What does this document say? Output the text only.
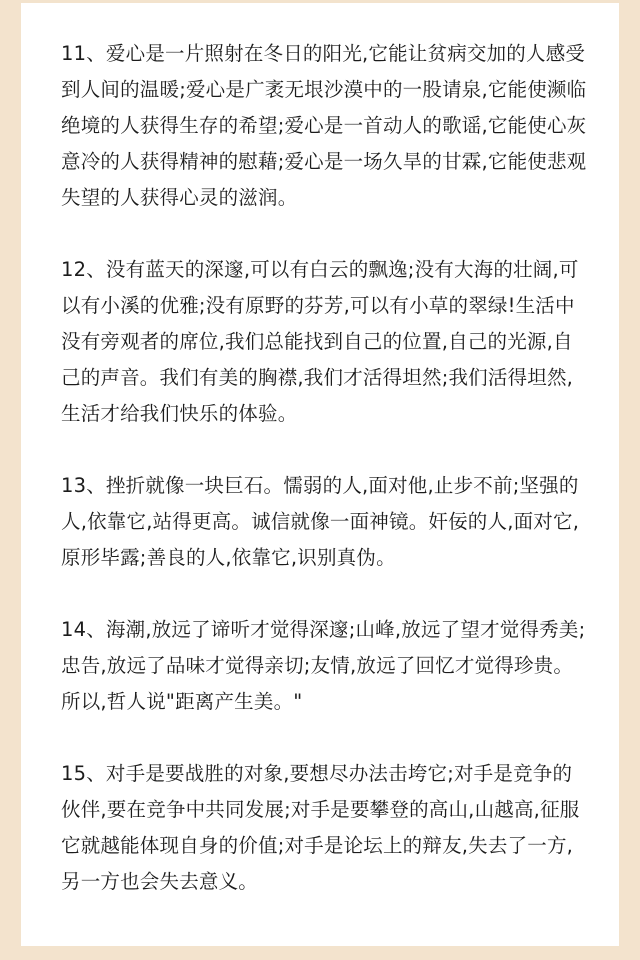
11、爱心是一片照射在冬日的阳光,它能让贫病交加的人感受到人间的温暖;爱心是广袤无垠沙漠中的一股请泉,它能使濒临绝境的人获得生存的希望;爱心是一首动人的歌谣,它能使心灰意冷的人获得精神的慰藉;爱心是一场久旱的甘霖,它能使悲观失望的人获得心灵的滋润。

12、没有蓝天的深邃,可以有白云的飘逸;没有大海的壮阔,可以有小溪的优雅;没有原野的芬芳,可以有小草的翠绿!生活中没有旁观者的席位,我们总能找到自己的位置,自己的光源,自己的声音。我们有美的胸襟,我们才活得坦然;我们活得坦然,生活才给我们快乐的体验。

13、挫折就像一块巨石。懦弱的人,面对他,止步不前;坚强的人,依靠它,站得更高。诚信就像一面神镜。奸佞的人,面对它,原形毕露;善良的人,依靠它,识别真伪。

14、海潮,放远了谛听才觉得深邃;山峰,放远了望才觉得秀美;忠告,放远了品味才觉得亲切;友情,放远了回忆才觉得珍贵。所以,哲人说"距离产生美。"

15、对手是要战胜的对象,要想尽办法击垮它;对手是竞争的伙伴,要在竞争中共同发展;对手是要攀登的高山,山越高,征服它就越能体现自身的价值;对手是论坛上的辩友,失去了一方,另一方也会失去意义。
